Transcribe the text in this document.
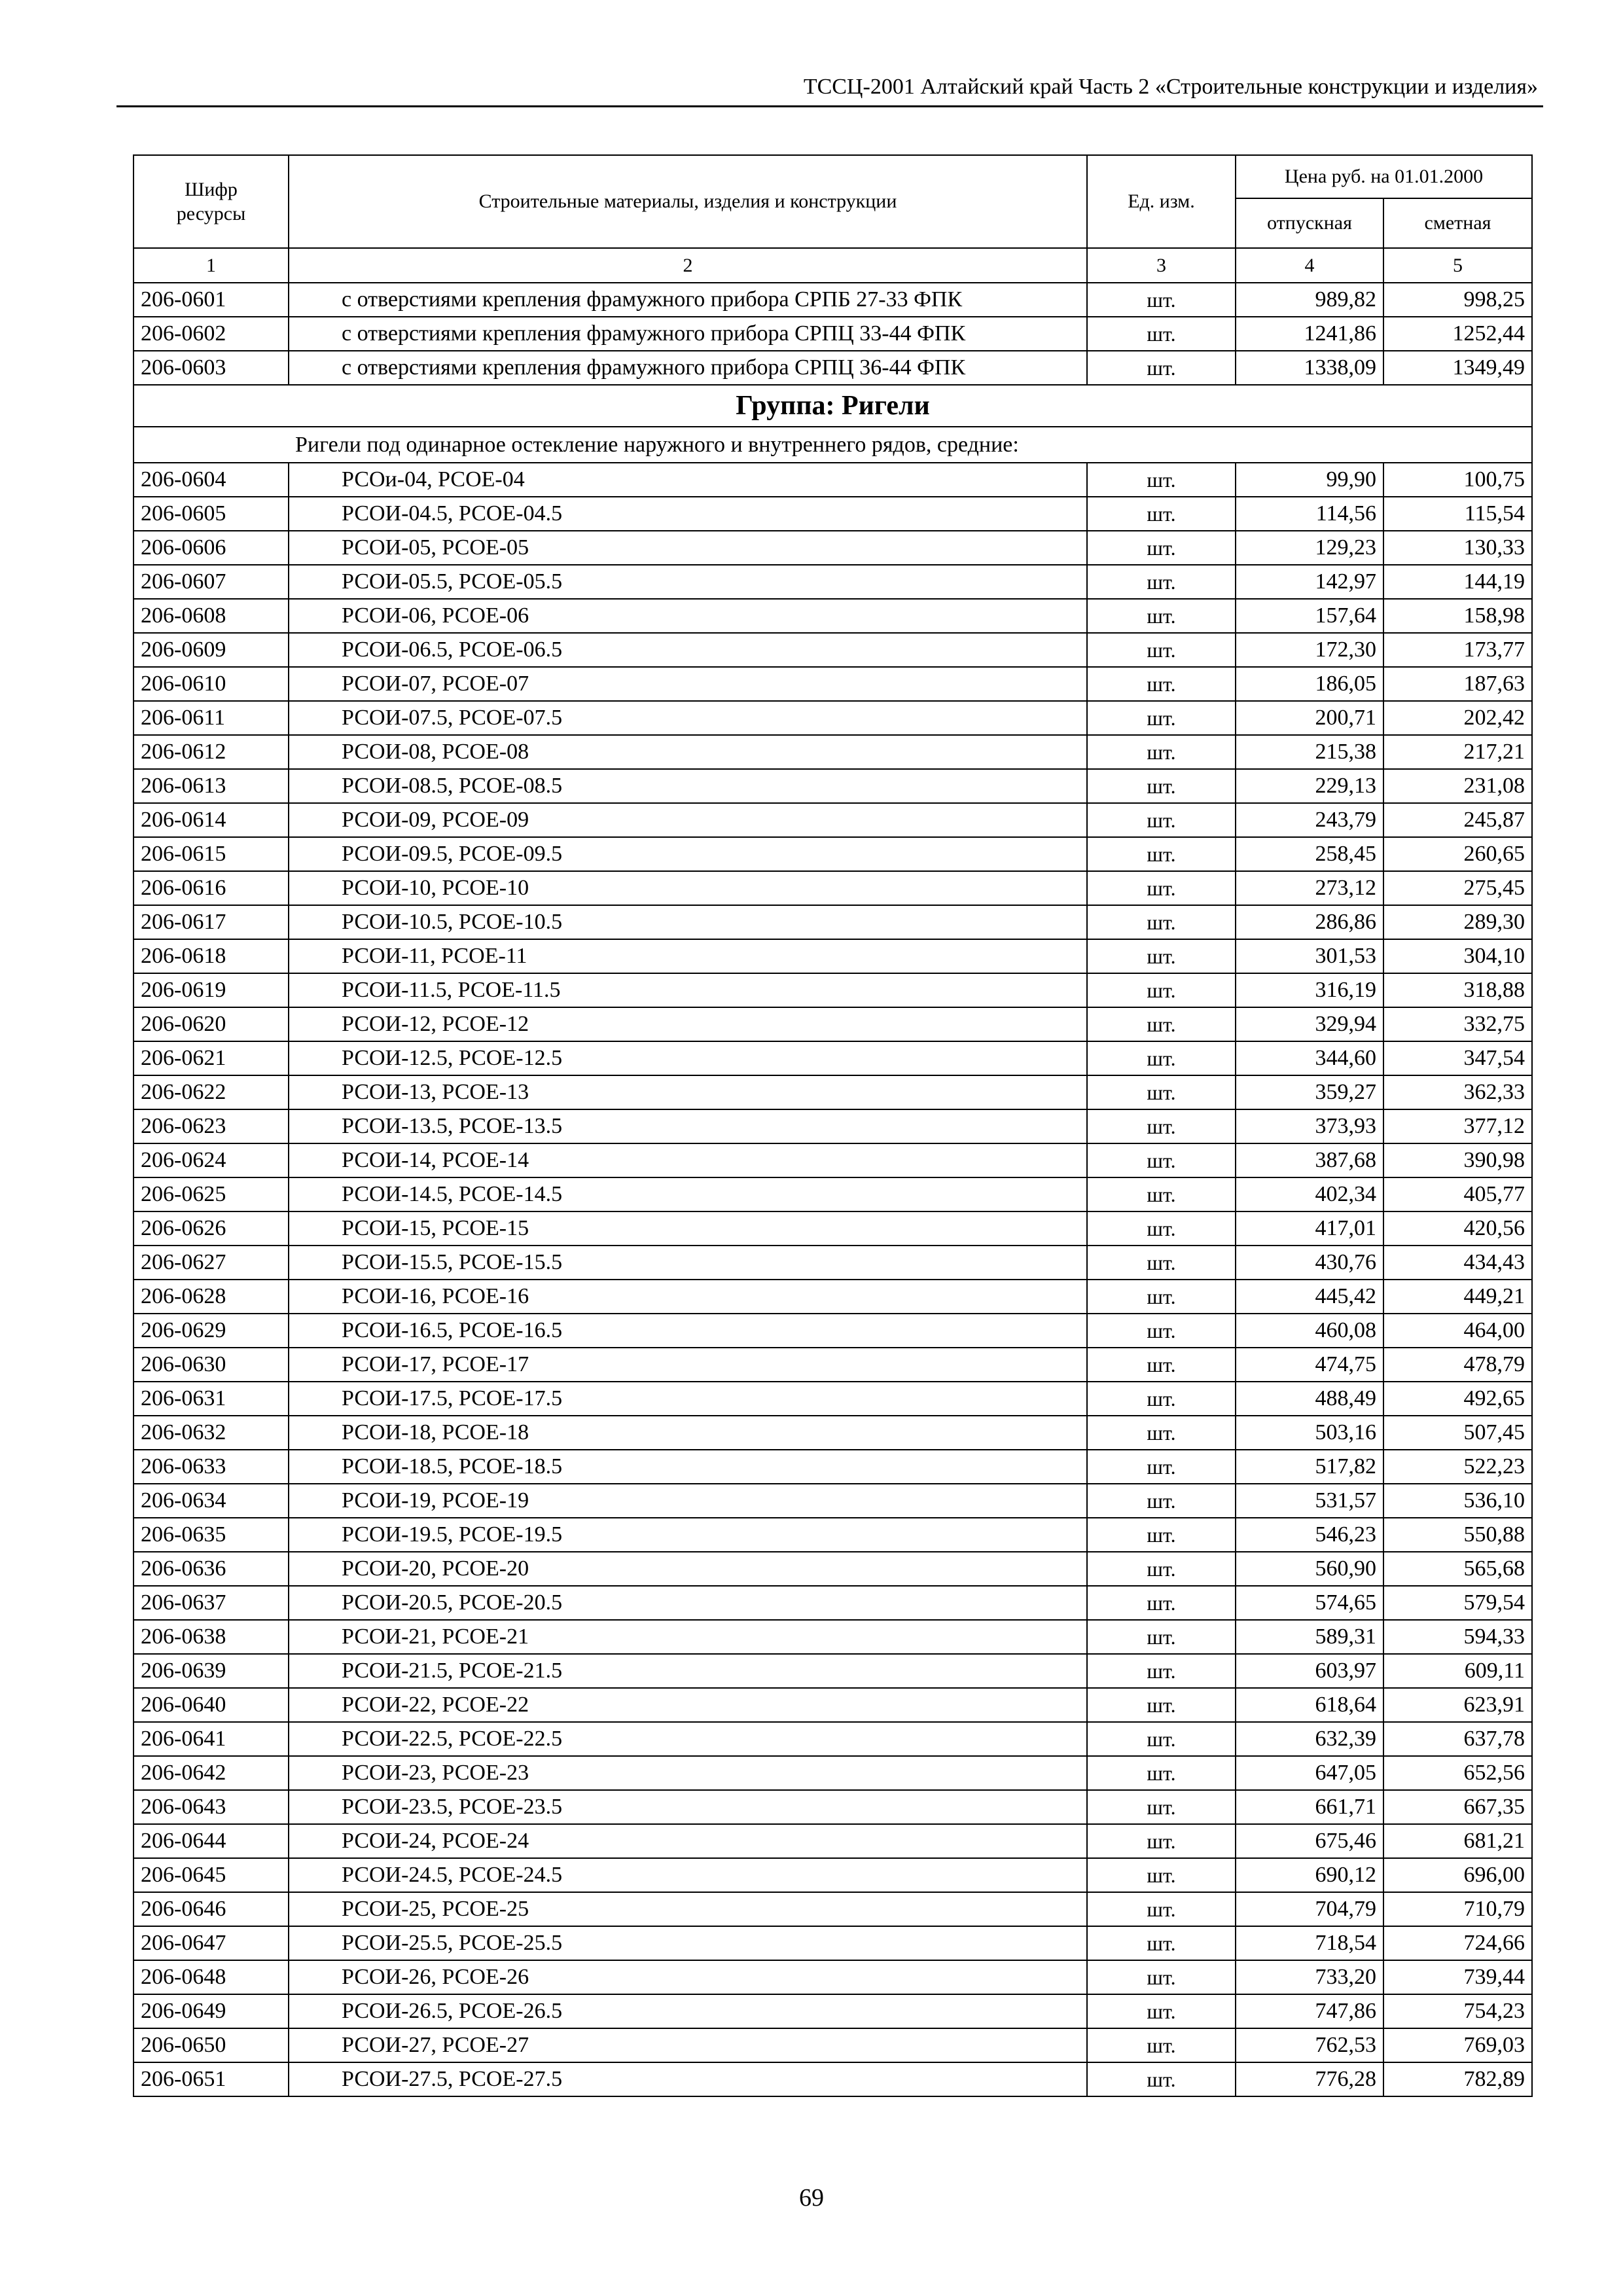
ТССЦ-2001 Алтайский край Часть 2 «Строительные конструкции и изделия»
Шифр ресурсы	Строительные материалы, изделия и конструкции	Ед. изм.	Цена руб. на 01.01.2000	
			отпускная	сметная
1	2	3	4	5
206-0601	с отверстиями крепления фрамужного прибора СРПБ 27-33 ФПК	шт.	989,82	998,25
206-0602	с отверстиями крепления фрамужного прибора СРПЦ 33-44 ФПК	шт.	1241,86	1252,44
206-0603	с отверстиями крепления фрамужного прибора СРПЦ 36-44 ФПК	шт.	1338,09	1349,49
Группа: Ригели				
Ригели под одинарное остекление наружного и внутреннего рядов, средние:				
206-0604	РСОи-04, РСОЕ-04	шт.	99,90	100,75
206-0605	РСОИ-04.5, РСОЕ-04.5	шт.	114,56	115,54
206-0606	РСОИ-05, РСОЕ-05	шт.	129,23	130,33
206-0607	РСОИ-05.5, РСОЕ-05.5	шт.	142,97	144,19
206-0608	РСОИ-06, РСОЕ-06	шт.	157,64	158,98
206-0609	РСОИ-06.5, РСОЕ-06.5	шт.	172,30	173,77
206-0610	РСОИ-07, РСОЕ-07	шт.	186,05	187,63
206-0611	РСОИ-07.5, РСОЕ-07.5	шт.	200,71	202,42
206-0612	РСОИ-08, РСОЕ-08	шт.	215,38	217,21
206-0613	РСОИ-08.5, РСОЕ-08.5	шт.	229,13	231,08
206-0614	РСОИ-09, РСОЕ-09	шт.	243,79	245,87
206-0615	РСОИ-09.5, РСОЕ-09.5	шт.	258,45	260,65
206-0616	РСОИ-10, РСОЕ-10	шт.	273,12	275,45
206-0617	РСОИ-10.5, РСОЕ-10.5	шт.	286,86	289,30
206-0618	РСОИ-11, РСОЕ-11	шт.	301,53	304,10
206-0619	РСОИ-11.5, РСОЕ-11.5	шт.	316,19	318,88
206-0620	РСОИ-12, РСОЕ-12	шт.	329,94	332,75
206-0621	РСОИ-12.5, РСОЕ-12.5	шт.	344,60	347,54
206-0622	РСОИ-13, РСОЕ-13	шт.	359,27	362,33
206-0623	РСОИ-13.5, РСОЕ-13.5	шт.	373,93	377,12
206-0624	РСОИ-14, РСОЕ-14	шт.	387,68	390,98
206-0625	РСОИ-14.5, РСОЕ-14.5	шт.	402,34	405,77
206-0626	РСОИ-15, РСОЕ-15	шт.	417,01	420,56
206-0627	РСОИ-15.5, РСОЕ-15.5	шт.	430,76	434,43
206-0628	РСОИ-16, РСОЕ-16	шт.	445,42	449,21
206-0629	РСОИ-16.5, РСОЕ-16.5	шт.	460,08	464,00
206-0630	РСОИ-17, РСОЕ-17	шт.	474,75	478,79
206-0631	РСОИ-17.5, РСОЕ-17.5	шт.	488,49	492,65
206-0632	РСОИ-18, РСОЕ-18	шт.	503,16	507,45
206-0633	РСОИ-18.5, РСОЕ-18.5	шт.	517,82	522,23
206-0634	РСОИ-19, РСОЕ-19	шт.	531,57	536,10
206-0635	РСОИ-19.5, РСОЕ-19.5	шт.	546,23	550,88
206-0636	РСОИ-20, РСОЕ-20	шт.	560,90	565,68
206-0637	РСОИ-20.5, РСОЕ-20.5	шт.	574,65	579,54
206-0638	РСОИ-21, РСОЕ-21	шт.	589,31	594,33
206-0639	РСОИ-21.5, РСОЕ-21.5	шт.	603,97	609,11
206-0640	РСОИ-22, РСОЕ-22	шт.	618,64	623,91
206-0641	РСОИ-22.5, РСОЕ-22.5	шт.	632,39	637,78
206-0642	РСОИ-23, РСОЕ-23	шт.	647,05	652,56
206-0643	РСОИ-23.5, РСОЕ-23.5	шт.	661,71	667,35
206-0644	РСОИ-24, РСОЕ-24	шт.	675,46	681,21
206-0645	РСОИ-24.5, РСОЕ-24.5	шт.	690,12	696,00
206-0646	РСОИ-25, РСОЕ-25	шт.	704,79	710,79
206-0647	РСОИ-25.5, РСОЕ-25.5	шт.	718,54	724,66
206-0648	РСОИ-26, РСОЕ-26	шт.	733,20	739,44
206-0649	РСОИ-26.5, РСОЕ-26.5	шт.	747,86	754,23
206-0650	РСОИ-27, РСОЕ-27	шт.	762,53	769,03
206-0651	РСОИ-27.5, РСОЕ-27.5	шт.	776,28	782,89
69
